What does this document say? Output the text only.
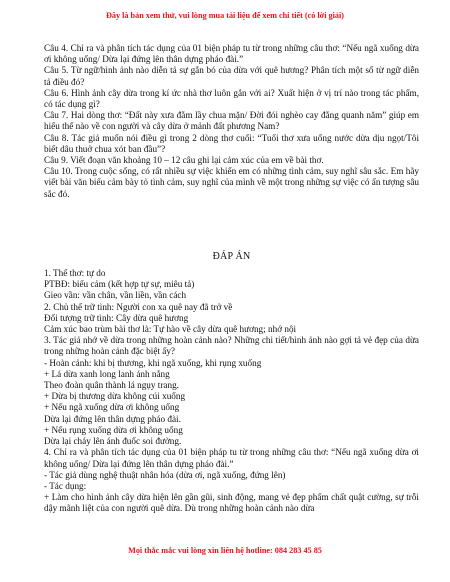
Đây là bản xem thử, vui lòng mua tài liệu để xem chi tiết (có lời giải)

Câu 4. Chỉ ra và phân tích tác dụng của 01 biện pháp tu từ trong những câu thơ: “Nếu ngã xuống dừa ơi không uống/ Dừa lại đứng lên thân dựng pháo đài.”

Câu 5. Từ ngữ/hình ảnh nào diễn tả sự gắn bó của dừa với quê hương? Phân tích một số từ ngữ diễn tả điều đó?

Câu 6. Hình ảnh cây dừa trong kí ức nhà thơ luôn gắn với ai? Xuất hiện ở vị trí nào trong tác phẩm, có tác dụng gì?

Câu 7. Hai dòng thơ: “Đất này xưa đằm lầy chua mặn/ Đời đói nghèo cay đắng quanh năm” giúp em hiểu thế nào về con người và cây dừa ở mảnh đất phương Nam?

Câu 8. Tác giả muốn nói điều gì trong 2 dòng thơ cuối: “Tuổi thơ xưa uống nước dừa dịu ngọt/Tôi biết dâu thuở chua xót ban đầu”?

Câu 9. Viết đoạn văn khoảng 10 – 12 câu ghi lại cảm xúc của em về bài thơ.

Câu 10. Trong cuộc sống, có rất nhiều sự việc khiến em có những tình cảm, suy nghĩ sâu sắc. Em hãy viết bài văn biểu cảm bày tỏ tình cảm, suy nghĩ của mình về một trong những sự việc có ấn tượng sâu sắc đó.

ĐÁP ÁN

1. Thể thơ: tự do

PTBĐ: biểu cảm (kết hợp tự sự, miêu tả)

Gieo vần: vần chân, vần liền, vần cách

2. Chủ thể trữ tình: Người con xa quê nay đã trở về

Đối tượng trữ tình: Cây dừa quê hương

Cảm xúc bao trùm bài thơ là: Tự hào về cây dừa quê hương; nhớ nội

3. Tác giả nhớ về dừa trong những hoàn cảnh nào? Những chi tiết/hình ảnh nào gợi tả vẻ đẹp của dừa trong những hoàn cảnh đặc biệt ấy?

- Hoàn cảnh: khi bị thương, khi ngã xuống, khi rụng xuống

+ Lá dừa xanh long lanh ánh nắng

Theo đoàn quân thành lá ngụy trang.

+ Dừa bị thương dừa không cúi xuống

+ Nếu ngã xuống dừa ơi không uống

Dừa lại đứng lên thân dựng pháo đài.

+ Nếu rụng xuống dừa ơi không uống

Dừa lại cháy lên ánh đuốc soi đường.

4. Chỉ ra và phân tích tác dụng của 01 biện pháp tu từ trong những câu thơ: “Nếu ngã xuống dừa ơi không uống/ Dừa lại đứng lên thân dựng pháo đài.”

- Tác giả dùng nghệ thuật nhân hóa (dừa ơi, ngã xuống, đứng lên)

- Tác dụng:

+ Làm cho hình ảnh cây dừa hiện lên gần gũi, sinh động, mang vẻ đẹp phẩm chất quật cường, sự trỗi dậy mãnh liệt của con người quê dừa. Dù trong những hoàn cảnh nào dừa

Mọi thắc mắc vui lòng xin liên hệ hotline: 084 283 45 85
